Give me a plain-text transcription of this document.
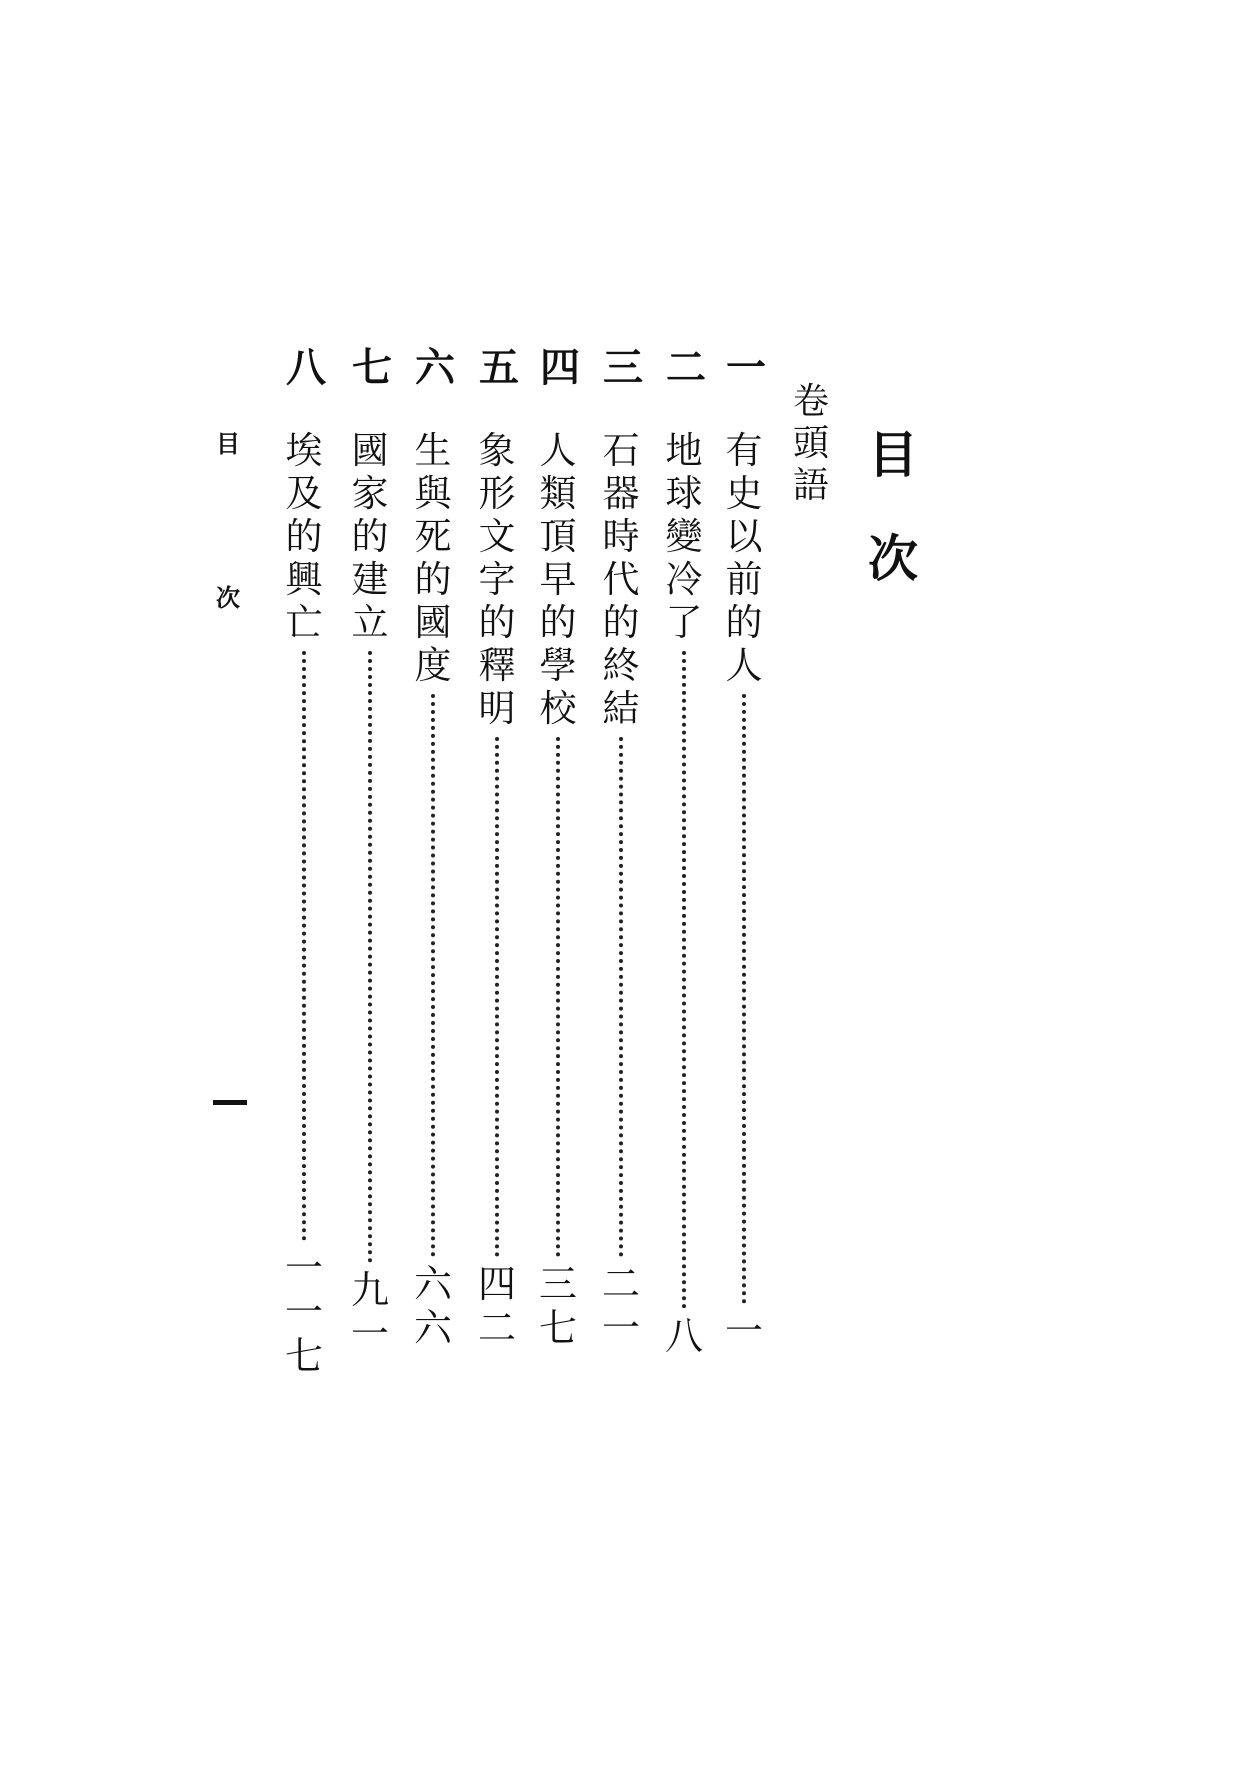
目
次
卷
頭
語
一
二
三
四
五
六
七
八
有
史
以
前
的
人
一
地
球
變
冷
了
八
石
器
時
代
的
終
結
二
一
人
類
頂
早
的
學
校
三
七
象
形
文
字
的
釋
明
四
二
生
與
死
的
國
度
六
六
國
家
的
建
立
九
一
埃
及
的
興
亡
一
一
七
目
次
